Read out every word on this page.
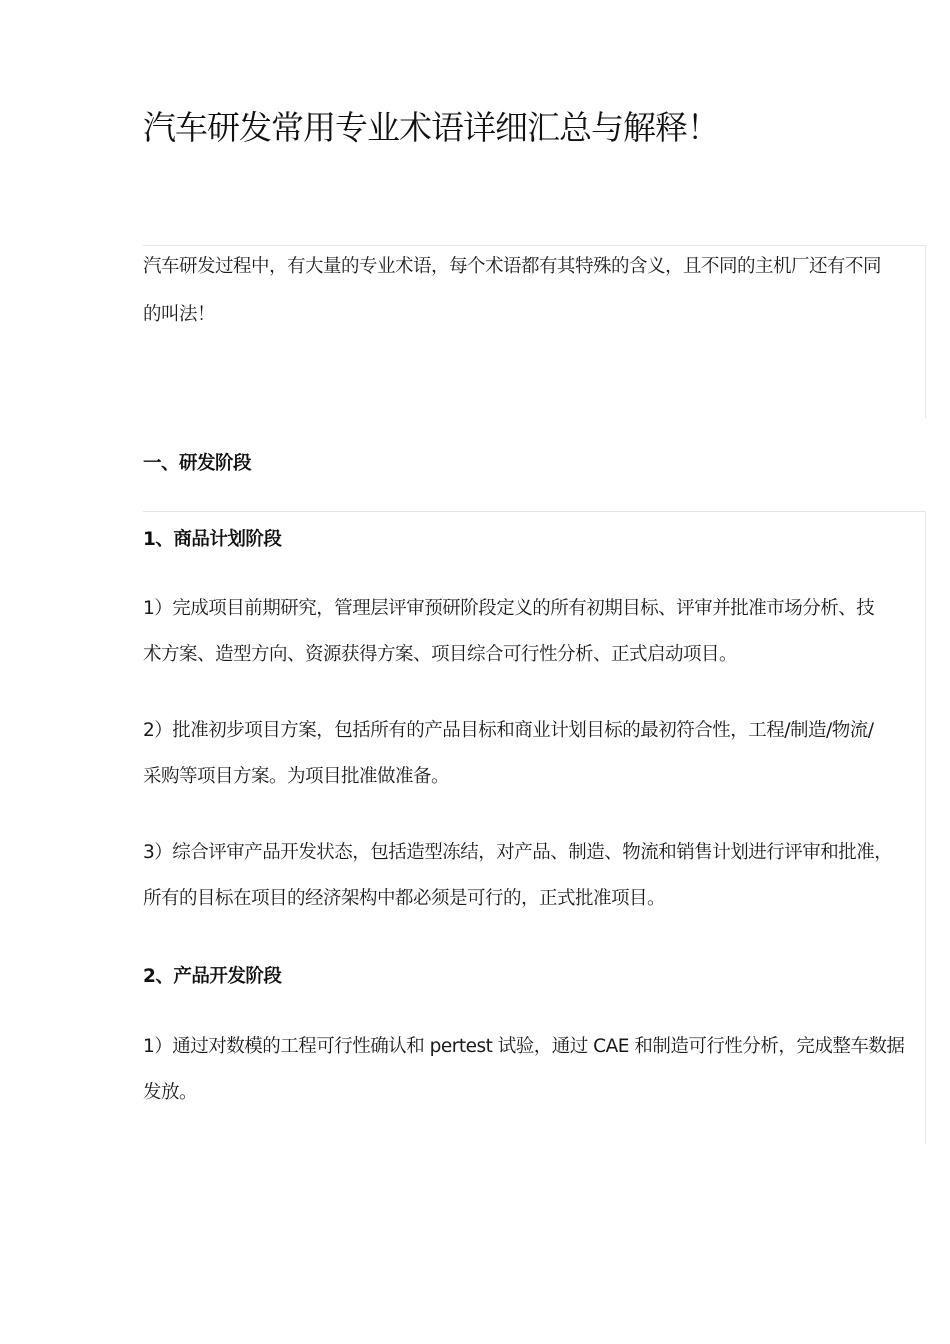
汽车研发常用专业术语详细汇总与解释！

汽车研发过程中，有大量的专业术语，每个术语都有其特殊的含义，且不同的主机厂还有不同
的叫法！

一、研发阶段
1、商品计划阶段

1）完成项目前期研究，管理层评审预研阶段定义的所有初期目标、评审并批准市场分析、技

术方案、造型方向、资源获得方案、项目综合可行性分析、正式启动项目。

2）批准初步项目方案，包括所有的产品目标和商业计划目标的最初符合性，工程/制造/物流/

采购等项目方案。为项目批准做准备。

3）综合评审产品开发状态，包括造型冻结，对产品、制造、物流和销售计划进行评审和批准，

所有的目标在项目的经济架构中都必须是可行的，正式批准项目。

2、产品开发阶段

1）通过对数模的工程可行性确认和 pertest 试验，通过 CAE 和制造可行性分析，完成整车数据

发放。
